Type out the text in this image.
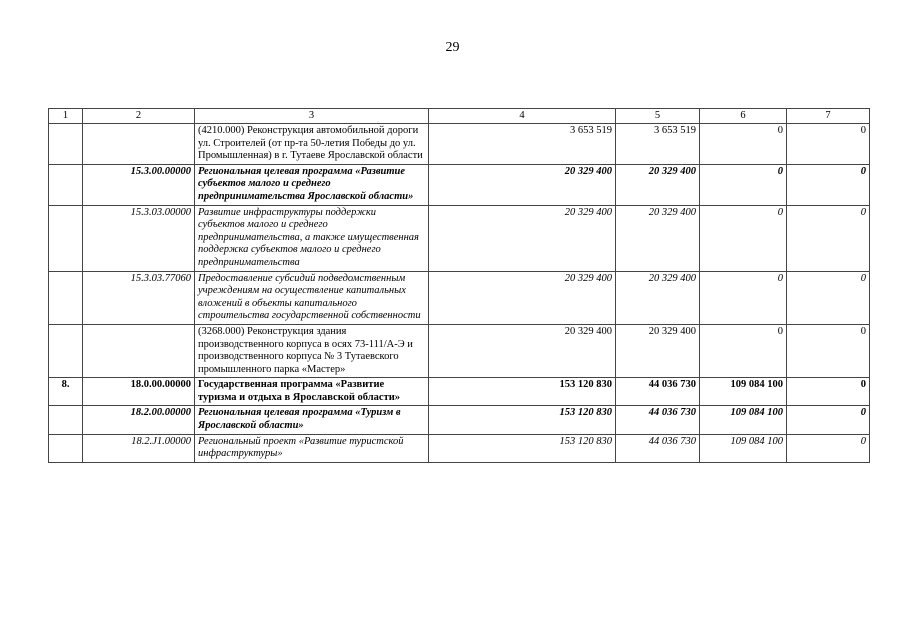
29
1	2	3	4	5	6	7
		(4210.000) Реконструкция автомобильной дороги ул. Строителей (от пр-та 50-летия Победы до ул. Промышленная) в г. Тутаеве Ярославской области	3 653 519	3 653 519	0	0
	15.3.00.00000	Региональная целевая программа «Развитие субъектов малого и среднего предпринимательства Ярославской области»	20 329 400	20 329 400	0	0
	15.3.03.00000	Развитие инфраструктуры поддержки субъектов малого и среднего предпринимательства, а также имущественная поддержка субъектов малого и среднего предпринимательства	20 329 400	20 329 400	0	0
	15.3.03.77060	Предоставление субсидий подведомственным учреждениям на осуществление капитальных вложений в объекты капитального строительства государственной собственности	20 329 400	20 329 400	0	0
		(3268.000) Реконструкция здания производственного корпуса в осях 73-111/А-Э и производственного корпуса № 3 Тутаевского промышленного парка «Мастер»	20 329 400	20 329 400	0	0
8.	18.0.00.00000	Государственная программа «Развитие туризма и отдыха в Ярославской области»	153 120 830	44 036 730	109 084 100	0
	18.2.00.00000	Региональная целевая программа «Туризм в Ярославской области»	153 120 830	44 036 730	109 084 100	0
	18.2.J1.00000	Региональный проект «Развитие туристской инфраструктуры»	153 120 830	44 036 730	109 084 100	0
